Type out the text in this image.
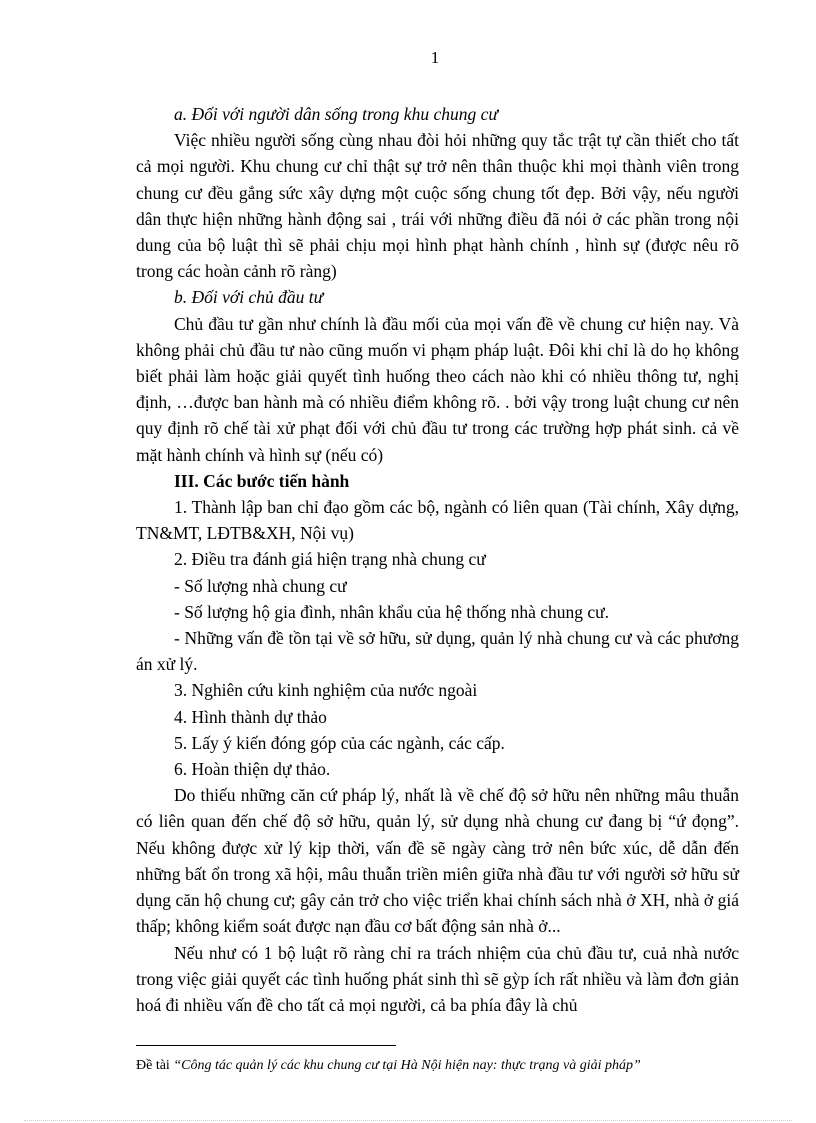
1

a. Đối với người dân sống trong khu chung cư

Việc nhiều người sống cùng nhau đòi hỏi những quy tắc trật tự cần thiết cho tất cả mọi người. Khu chung cư chỉ thật sự trở nên thân thuộc khi mọi thành viên trong chung cư đều gắng sức xây dựng một cuộc sống chung tốt đẹp. Bởi vậy, nếu người dân thực hiện những hành động sai , trái với những điều đã nói ở các phần trong nội dung của bộ luật thì sẽ phải chịu mọi hình phạt hành chính , hình sự (được nêu rõ trong các hoàn cảnh rõ ràng)

b. Đối với chủ đầu tư

Chủ đầu tư gần như chính là đầu mối của mọi vấn đề về chung cư hiện nay. Và không phải chủ đầu tư nào cũng muốn vi phạm pháp luật. Đôi khi chỉ là do họ không biết phải làm hoặc giải quyết tình huống theo cách nào khi có nhiều thông tư, nghị định, …được ban hành mà có nhiều điểm không rõ. . bởi vậy trong luật chung cư nên quy định rõ chế tài xử phạt đối với chủ đầu tư trong các trường hợp phát sinh. cả về mặt hành chính và hình sự (nếu có)

III. Các bước tiến hành

1. Thành lập ban chỉ đạo gồm các bộ, ngành có liên quan (Tài chính, Xây dựng, TN&MT, LĐTB&XH, Nội vụ)

2. Điều tra đánh giá hiện trạng nhà chung cư

- Số lượng nhà chung cư

- Số lượng hộ gia đình, nhân khẩu của hệ thống nhà chung cư.

- Những vấn đề tồn tại về sở hữu, sử dụng, quản lý nhà chung cư và các phương án xử lý.

3. Nghiên cứu kinh nghiệm của nước ngoài

4. Hình thành dự thảo

5. Lấy ý kiến đóng góp của các ngành, các cấp.

6. Hoàn thiện dự thảo.

Do thiếu những căn cứ pháp lý, nhất là về chế độ sở hữu nên những mâu thuẫn có liên quan đến chế độ sở hữu, quản lý, sử dụng nhà chung cư đang bị “ứ đọng”. Nếu không được xử lý kịp thời, vấn đề sẽ ngày càng trở nên bức xúc, dễ dẫn đến những bất ổn trong xã hội, mâu thuẫn triền miên giữa nhà đầu tư với người sở hữu sử dụng căn hộ chung cư; gây cản trở cho việc triển khai chính sách nhà ở XH, nhà ở giá thấp; không kiểm soát được nạn đầu cơ bất động sản nhà ở...

Nếu như có 1 bộ luật rõ ràng chỉ ra trách nhiệm của chủ đầu tư, cuả nhà nước trong việc giải quyết các tình huống phát sinh thì sẽ gỳp ích rất nhiều và làm đơn giản hoá đi nhiều vấn đề cho tất cả mọi người, cả ba phía đây là chủ

Đề tài “Công tác quản lý các khu chung cư tại Hà Nội hiện nay: thực trạng và giải pháp”
